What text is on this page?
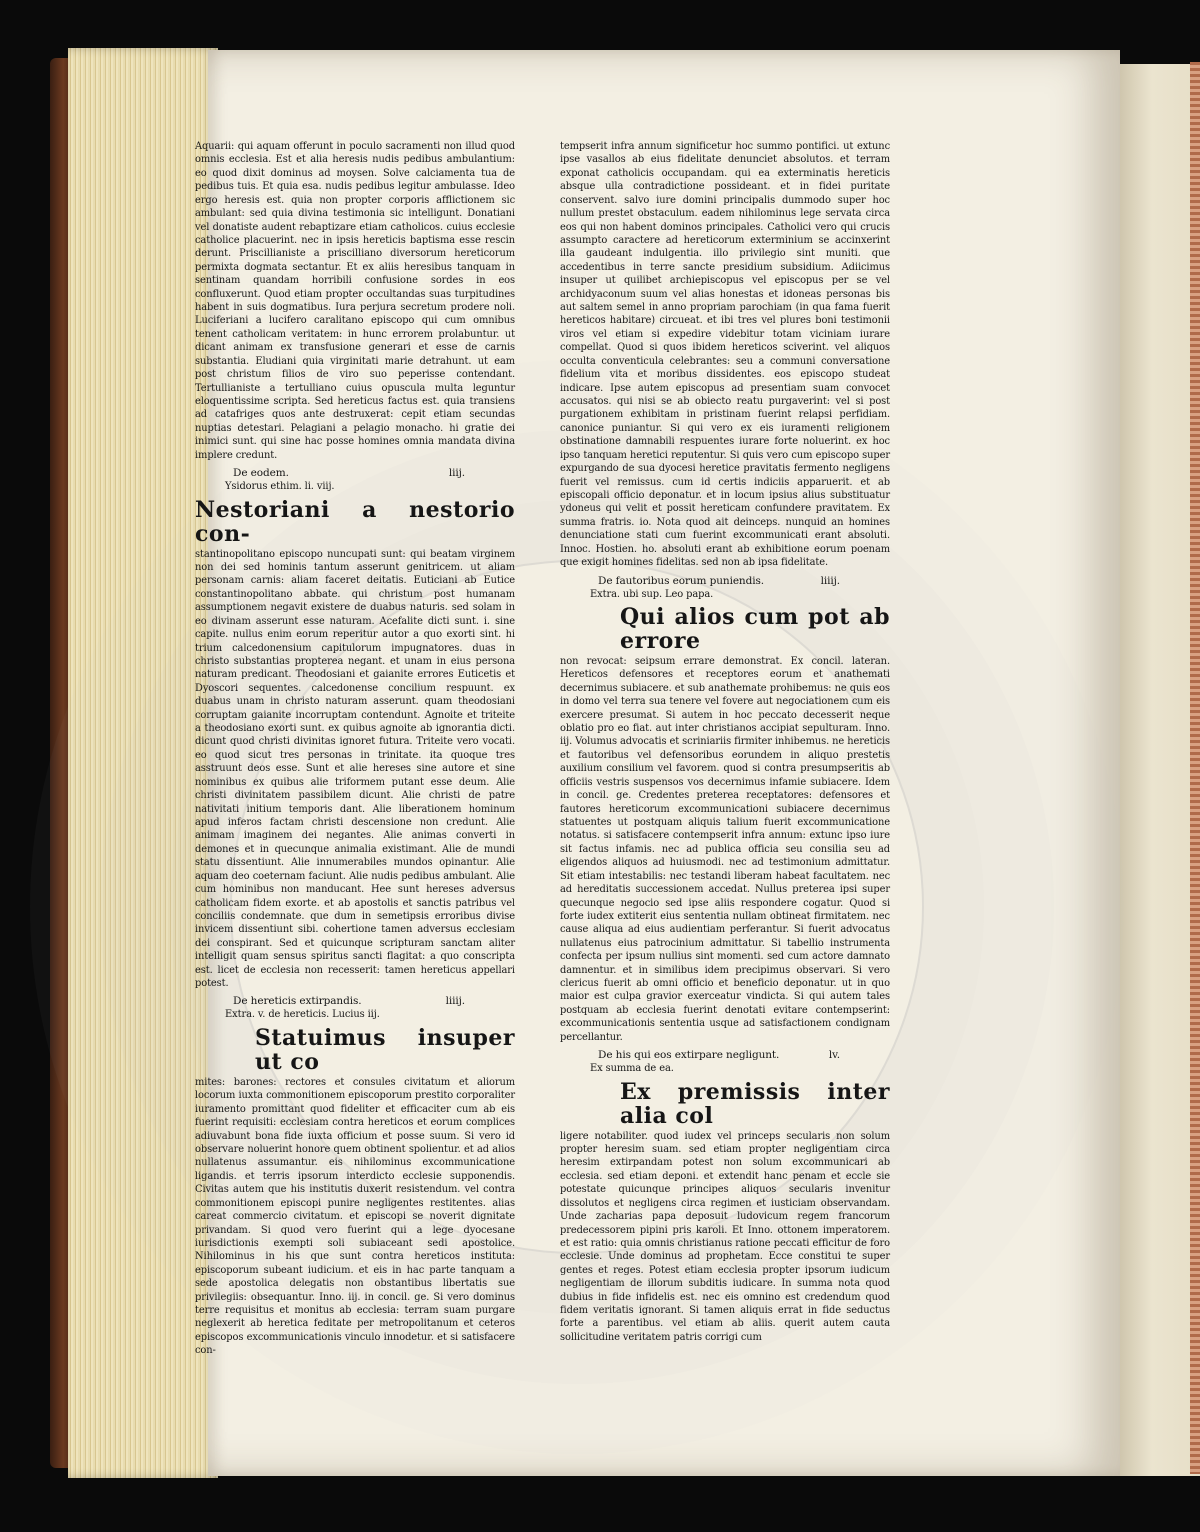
Aquarii: qui aquam offerunt in poculo sacramenti non illud quod omnis ecclesia. Est et alia heresis nudis pedibus ambulantium: eo quod dixit dominus ad moysen. Solve calciamenta tua de pedibus tuis. Et quia esa. nudis pedibus legitur ambulasse. Ideo ergo heresis est. quia non propter corporis afflictionem sic ambulant: sed quia divina testimonia sic intelligunt. Donatiani vel donatiste audent rebaptizare etiam catholicos. cuius ecclesie catholice placuerint. nec in ipsis hereticis baptisma esse rescin derunt. Priscillianiste a priscilliano diversorum hereticorum permixta dogmata sectantur. Et ex aliis heresibus tanquam in sentinam quandam horribili confusione sordes in eos confluxerunt. Quod etiam propter occultandas suas turpitudines habent in suis dogmatibus. Iura perjura secretum prodere noli. Luciferiani a lucifero caralitano episcopo qui cum omnibus tenent catholicam veritatem: in hunc errorem prolabuntur. ut dicant animam ex transfusione generari et esse de carnis substantia. Eludiani quia virginitati marie detrahunt. ut eam post christum filios de viro suo peperisse contendant. Tertullianiste a tertulliano cuius opuscula multa leguntur eloquentissime scripta. Sed hereticus factus est. quia transiens ad catafriges quos ante destruxerat: cepit etiam secundas nuptias detestari. Pelagiani a pelagio monacho. hi gratie dei inimici sunt. qui sine hac posse homines omnia mandata divina implere credunt.

De eodem.	liij.

Ysidorus ethim. li. viij.

Nestoriani a nestorio con-

stantinopolitano episcopo nuncupati sunt: qui beatam virginem non dei sed hominis tantum asserunt genitricem. ut aliam personam carnis: aliam faceret deitatis. Euticiani ab Eutice constantinopolitano abbate. qui christum post humanam assumptionem negavit existere de duabus naturis. sed solam in eo divinam asserunt esse naturam. Acefalite dicti sunt. i. sine capite. nullus enim eorum reperitur autor a quo exorti sint. hi trium calcedonensium capitulorum impugnatores. duas in christo substantias propterea negant. et unam in eius persona naturam predicant. Theodosiani et gaianite errores Euticetis et Dyoscori sequentes. calcedonense concilium respuunt. ex duabus unam in christo naturam asserunt. quam theodosiani corruptam gaianite incorruptam contendunt. Agnoite et triteite a theodosiano exorti sunt. ex quibus agnoite ab ignorantia dicti. dicunt quod christi divinitas ignoret futura. Triteite vero vocati. eo quod sicut tres personas in trinitate. ita quoque tres asstruunt deos esse. Sunt et alie hereses sine autore et sine nominibus ex quibus alie triformem putant esse deum. Alie christi divinitatem passibilem dicunt. Alie christi de patre nativitati initium temporis dant. Alie liberationem hominum apud inferos factam christi descensione non credunt. Alie animam imaginem dei negantes. Alie animas converti in demones et in quecunque animalia existimant. Alie de mundi statu dissentiunt. Alie innumerabiles mundos opinantur. Alie aquam deo coeternam faciunt. Alie nudis pedibus ambulant. Alie cum hominibus non manducant. Hee sunt hereses adversus catholicam fidem exorte. et ab apostolis et sanctis patribus vel conciliis condemnate. que dum in semetipsis erroribus divise invicem dissentiunt sibi. cohertione tamen adversus ecclesiam dei conspirant. Sed et quicunque scripturam sanctam aliter intelligit quam sensus spiritus sancti flagitat: a quo conscripta est. licet de ecclesia non recesserit: tamen hereticus appellari potest.

De hereticis extirpandis.	liiij.

Extra. v. de hereticis. Lucius iij.

Statuimus insuper ut co

mites: barones: rectores et consules civitatum et aliorum locorum iuxta commonitionem episcoporum prestito corporaliter iuramento promittant quod fideliter et efficaciter cum ab eis fuerint requisiti: ecclesiam contra hereticos et eorum complices adiuvabunt bona fide iuxta officium et posse suum. Si vero id observare noluerint honore quem obtinent spolientur. et ad alios nullatenus assumantur. eis nihilominus excommunicatione ligandis. et terris ipsorum interdicto ecclesie supponendis. Civitas autem que his institutis duxerit resistendum. vel contra commonitionem episcopi punire negligentes restitentes. alias careat commercio civitatum. et episcopi se noverit dignitate privandam. Si quod vero fuerint qui a lege dyocesane iurisdictionis exempti soli subiaceant sedi apostolice. Nihilominus in his que sunt contra hereticos instituta: episcoporum subeant iudicium. et eis in hac parte tanquam a sede apostolica delegatis non obstantibus libertatis sue privilegiis: obsequantur. Inno. iij. in concil. ge. Si vero dominus terre requisitus et monitus ab ecclesia: terram suam purgare neglexerit ab heretica feditate per metropolitanum et ceteros episcopos excommunicationis vinculo innodetur. et si satisfacere con-

tempserit infra annum significetur hoc summo pontifici. ut extunc ipse vasallos ab eius fidelitate denunciet absolutos. et terram exponat catholicis occupandam. qui ea exterminatis hereticis absque ulla contradictione possideant. et in fidei puritate conservent. salvo iure domini principalis dummodo super hoc nullum prestet obstaculum. eadem nihilominus lege servata circa eos qui non habent dominos principales. Catholici vero qui crucis assumpto caractere ad hereticorum exterminium se accinxerint illa gaudeant indulgentia. illo privilegio sint muniti. que accedentibus in terre sancte presidium subsidium. Adiicimus insuper ut quilibet archiepiscopus vel episcopus per se vel archidyaconum suum vel alias honestas et idoneas personas bis aut saltem semel in anno propriam parochiam (in qua fama fuerit hereticos habitare) circueat. et ibi tres vel plures boni testimonii viros vel etiam si expedire videbitur totam viciniam iurare compellat. Quod si quos ibidem hereticos sciverint. vel aliquos occulta conventicula celebrantes: seu a communi conversatione fidelium vita et moribus dissidentes. eos episcopo studeat indicare. Ipse autem episcopus ad presentiam suam convocet accusatos. qui nisi se ab obiecto reatu purgaverint: vel si post purgationem exhibitam in pristinam fuerint relapsi perfidiam. canonice puniantur. Si qui vero ex eis iuramenti religionem obstinatione damnabili respuentes iurare forte noluerint. ex hoc ipso tanquam heretici reputentur. Si quis vero cum episcopo super expurgando de sua dyocesi heretice pravitatis fermento negligens fuerit vel remissus. cum id certis indiciis apparuerit. et ab episcopali officio deponatur. et in locum ipsius alius substituatur ydoneus qui velit et possit hereticam confundere pravitatem. Ex summa fratris. io. Nota quod ait deinceps. nunquid an homines denunciatione stati cum fuerint excommunicati erant absoluti. Innoc. Hostien. ho. absoluti erant ab exhibitione eorum poenam que exigit homines fidelitas. sed non ab ipsa fidelitate.

De fautoribus eorum puniendis.	liiij.

Extra. ubi sup. Leo papa.

Qui alios cum pot ab errore

non revocat: seipsum errare demonstrat. Ex concil. lateran. Hereticos defensores et receptores eorum et anathemati decernimus subiacere. et sub anathemate prohibemus: ne quis eos in domo vel terra sua tenere vel fovere aut negociationem cum eis exercere presumat. Si autem in hoc peccato decesserit neque oblatio pro eo fiat. aut inter christianos accipiat sepulturam. Inno. iij. Volumus advocatis et scriniariis firmiter inhibemus. ne hereticis et fautoribus vel defensoribus eorundem in aliquo prestetis auxilium consilium vel favorem. quod si contra presumpseritis ab officiis vestris suspensos vos decernimus infamie subiacere. Idem in concil. ge. Credentes preterea receptatores: defensores et fautores hereticorum excommunicationi subiacere decernimus statuentes ut postquam aliquis talium fuerit excommunicatione notatus. si satisfacere contempserit infra annum: extunc ipso iure sit factus infamis. nec ad publica officia seu consilia seu ad eligendos aliquos ad huiusmodi. nec ad testimonium admittatur. Sit etiam intestabilis: nec testandi liberam habeat facultatem. nec ad hereditatis successionem accedat. Nullus preterea ipsi super quecunque negocio sed ipse aliis respondere cogatur. Quod si forte iudex extiterit eius sententia nullam obtineat firmitatem. nec cause aliqua ad eius audientiam perferantur. Si fuerit advocatus nullatenus eius patrocinium admittatur. Si tabellio instrumenta confecta per ipsum nullius sint momenti. sed cum actore damnato damnentur. et in similibus idem precipimus observari. Si vero clericus fuerit ab omni officio et beneficio deponatur. ut in quo maior est culpa gravior exerceatur vindicta. Si qui autem tales postquam ab ecclesia fuerint denotati evitare contempserint: excommunicationis sententia usque ad satisfactionem condignam percellantur.

De his qui eos extirpare negligunt.	lv.

Ex summa de ea.

Ex premissis inter alia col

ligere notabiliter. quod iudex vel princeps secularis non solum propter heresim suam. sed etiam propter negligentiam circa heresim extirpandam potest non solum excommunicari ab ecclesia. sed etiam deponi. et extendit hanc penam et eccle sie potestate quicunque principes aliquos secularis invenitur dissolutos et negligens circa regimen et iusticiam observandam. Unde zacharias papa deposuit ludovicum regem francorum predecessorem pipini pris karoli. Et Inno. ottonem imperatorem. et est ratio: quia omnis christianus ratione peccati efficitur de foro ecclesie. Unde dominus ad prophetam. Ecce constitui te super gentes et reges. Potest etiam ecclesia propter ipsorum iudicum negligentiam de illorum subditis iudicare. In summa nota quod dubius in fide infidelis est. nec eis omnino est credendum quod fidem veritatis ignorant. Si tamen aliquis errat in fide seductus forte a parentibus. vel etiam ab aliis. querit autem cauta sollicitudine veritatem patris corrigi cum
